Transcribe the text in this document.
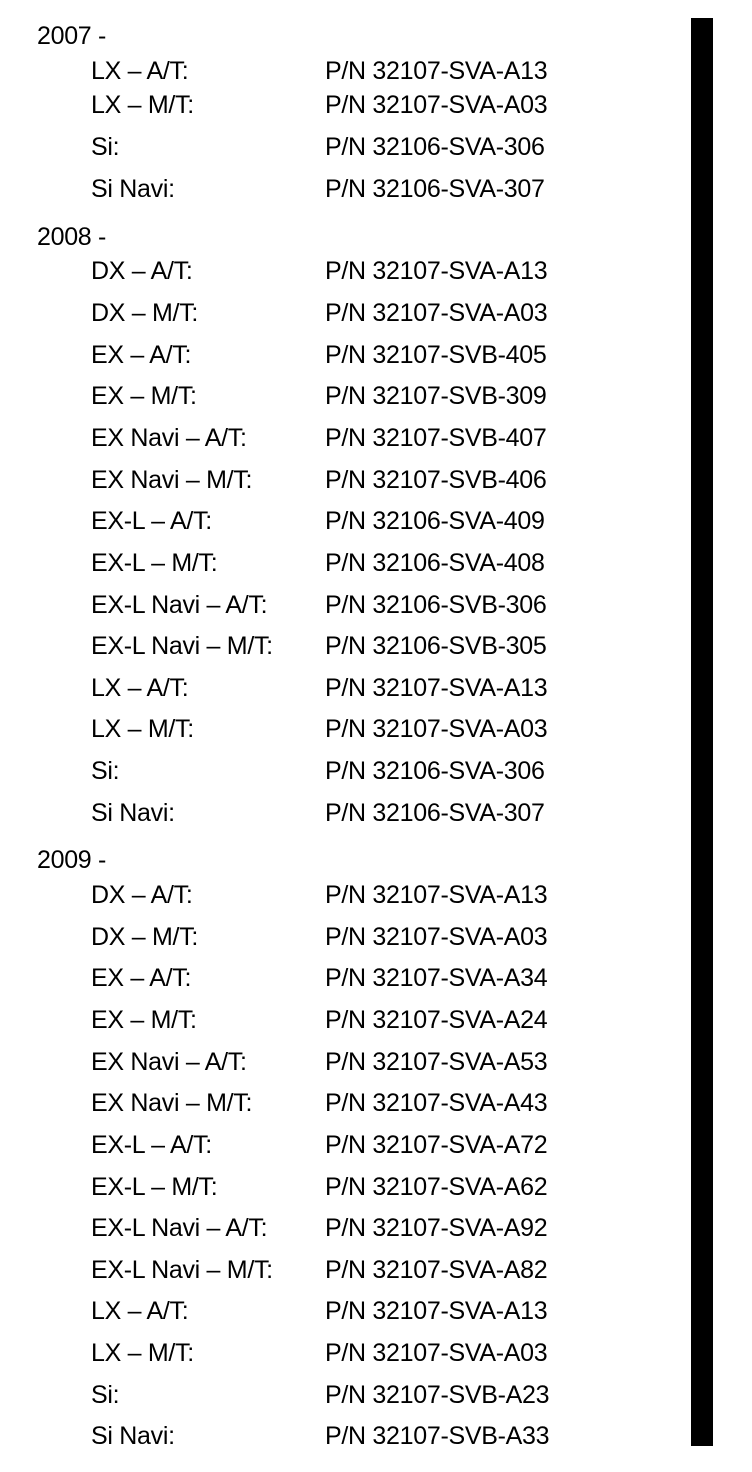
2007 -
LX – A/T:	P/N 32107-SVA-A13
LX – M/T:	P/N 32107-SVA-A03
Si:	P/N 32106-SVA-306
Si Navi:	P/N 32106-SVA-307
2008 -
DX – A/T:	P/N 32107-SVA-A13
DX – M/T:	P/N 32107-SVA-A03
EX – A/T:	P/N 32107-SVB-405
EX – M/T:	P/N 32107-SVB-309
EX Navi – A/T:	P/N 32107-SVB-407
EX Navi – M/T:	P/N 32107-SVB-406
EX-L – A/T:	P/N 32106-SVA-409
EX-L – M/T:	P/N 32106-SVA-408
EX-L Navi – A/T: P/N 32106-SVB-306
EX-L Navi – M/T: P/N 32106-SVB-305
LX – A/T:	P/N 32107-SVA-A13
LX – M/T:	P/N 32107-SVA-A03
Si:	P/N 32106-SVA-306
Si Navi:	P/N 32106-SVA-307
2009 -
DX – A/T:	P/N 32107-SVA-A13
DX – M/T:	P/N 32107-SVA-A03
EX – A/T:	P/N 32107-SVA-A34
EX – M/T:	P/N 32107-SVA-A24
EX Navi – A/T:	P/N 32107-SVA-A53
EX Navi – M/T:	P/N 32107-SVA-A43
EX-L – A/T:	P/N 32107-SVA-A72
EX-L – M/T:	P/N 32107-SVA-A62
EX-L Navi – A/T: P/N 32107-SVA-A92
EX-L Navi – M/T: P/N 32107-SVA-A82
LX – A/T:	P/N 32107-SVA-A13
LX – M/T:	P/N 32107-SVA-A03
Si:	P/N 32107-SVB-A23
Si Navi:	P/N 32107-SVB-A33
